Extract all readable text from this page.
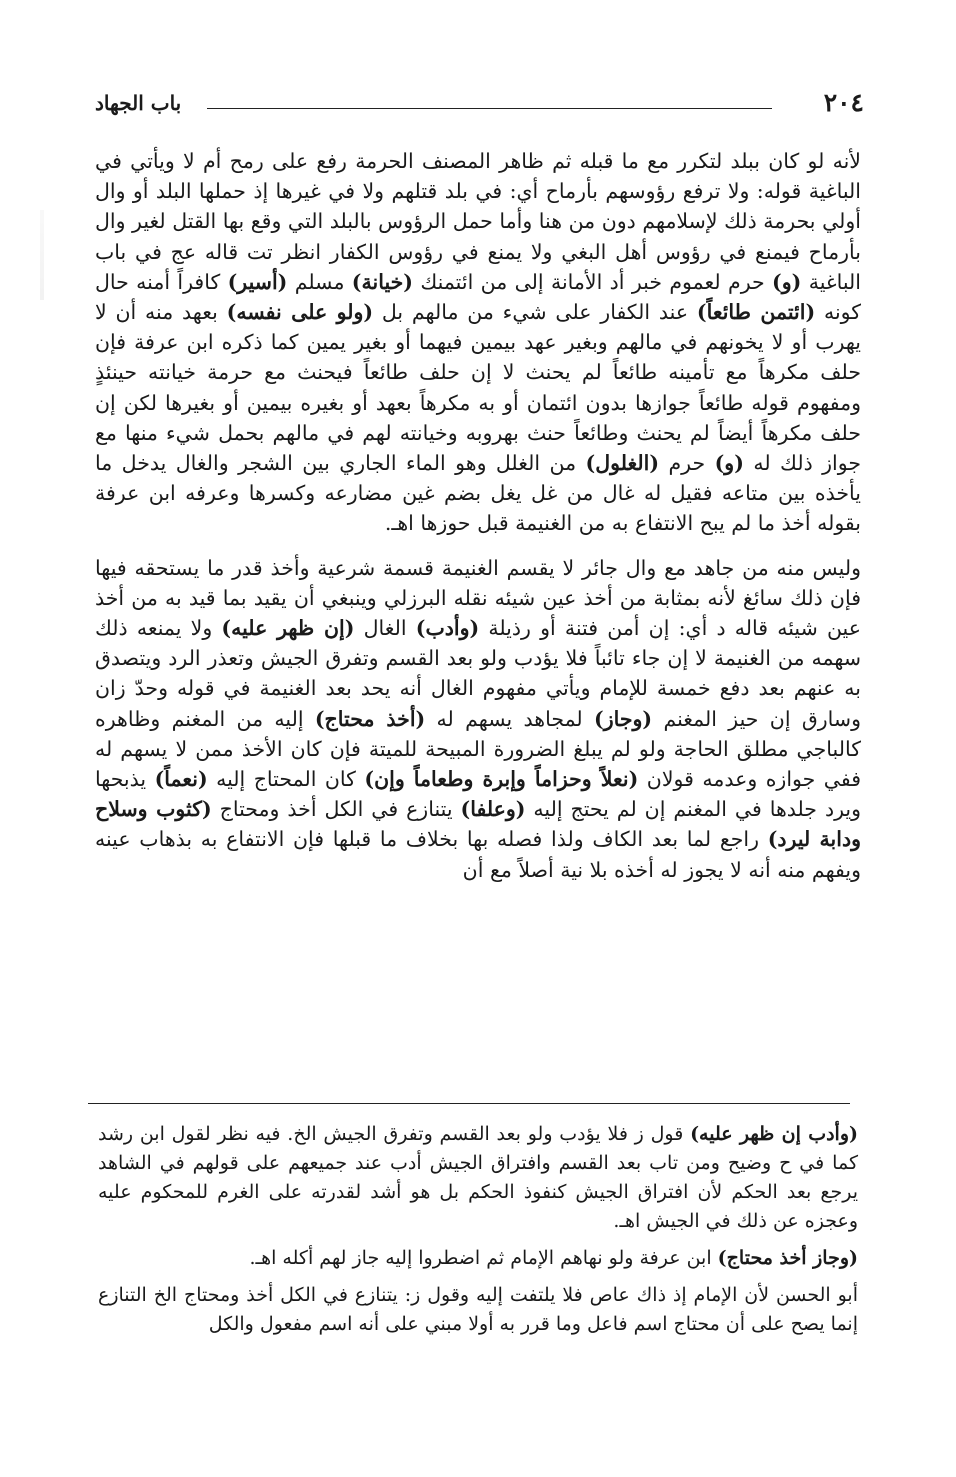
٢٠٤
باب الجهاد

لأنه لو كان ببلد لتكرر مع ما قبله ثم ظاهر المصنف الحرمة رفع على رمح أم لا ويأتي في الباغية قوله: ولا ترفع رؤوسهم بأرماح أي: في بلد قتلهم ولا في غيرها إذ حملها البلد أو وال أولي بحرمة ذلك لإسلامهم دون من هنا وأما حمل الرؤوس بالبلد التي وقع بها القتل لغير وال بأرماح فيمنع في رؤوس أهل البغي ولا يمنع في رؤوس الكفار انظر تت قاله عج في باب الباغية (و) حرم لعموم خبر أد الأمانة إلى من ائتمنك (خيانة) مسلم (أسير) كافراً أمنه حال كونه (ائتمن طائعاً) عند الكفار على شيء من مالهم بل (ولو على نفسه) بعهد منه أن لا يهرب أو لا يخونهم في مالهم وبغير عهد بيمين فيهما أو بغير يمين كما ذكره ابن عرفة فإن حلف مكرهاً مع تأمينه طائعاً لم يحنث لا إن حلف طائعاً فيحنث مع حرمة خيانته حينئذٍ ومفهوم قوله طائعاً جوازها بدون ائتمان أو به مكرهاً بعهد أو بغيره بيمين أو بغيرها لكن إن حلف مكرهاً أيضاً لم يحنث وطائعاً حنث بهروبه وخيانته لهم في مالهم بحمل شيء منها مع جواز ذلك له (و) حرم (الغلول) من الغلل وهو الماء الجاري بين الشجر والغال يدخل ما يأخذه بين متاعه فقيل له غال من غل يغل بضم غين مضارعه وكسرها وعرفه ابن عرفة بقوله أخذ ما لم يبح الانتفاع به من الغنيمة قبل حوزها اهـ.

وليس منه من جاهد مع وال جائر لا يقسم الغنيمة قسمة شرعية وأخذ قدر ما يستحقه فيها فإن ذلك سائغ لأنه بمثابة من أخذ عين شيئه نقله البرزلي وينبغي أن يقيد بما قيد به من أخذ عين شيئه قاله د أي: إن أمن فتنة أو رذيلة (وأدب) الغال (إن ظهر عليه) ولا يمنعه ذلك سهمه من الغنيمة لا إن جاء تائباً فلا يؤدب ولو بعد القسم وتفرق الجيش وتعذر الرد ويتصدق به عنهم بعد دفع خمسة للإمام ويأتي مفهوم الغال أنه يحد بعد الغنيمة في قوله وحدّ زان وسارق إن حيز المغنم (وجاز) لمجاهد يسهم له (أخذ محتاج) إليه من المغنم وظاهره كالباجي مطلق الحاجة ولو لم يبلغ الضرورة المبيحة للميتة فإن كان الأخذ ممن لا يسهم له ففي جوازه وعدمه قولان (نعلاً وحزاماً وإبرة وطعاماً وإن) كان المحتاج إليه (نعماً) يذبحها ويرد جلدها في المغنم إن لم يحتج إليه (وعلفا) يتنازع في الكل أخذ ومحتاج (كثوب وسلاح ودابة ليرد) راجع لما بعد الكاف ولذا فصله بها بخلاف ما قبلها فإن الانتفاع به بذهاب عينه ويفهم منه أنه لا يجوز له أخذه بلا نية أصلاً مع أن

(وأدب إن ظهر عليه) قول ز فلا يؤدب ولو بعد القسم وتفرق الجيش الخ. فيه نظر لقول ابن رشد كما في ح وضيح ومن تاب بعد القسم وافتراق الجيش أدب عند جميعهم على قولهم في الشاهد يرجع بعد الحكم لأن افتراق الجيش كنفوذ الحكم بل هو أشد لقدرته على الغرم للمحكوم عليه وعجزه عن ذلك في الجيش اهـ.

(وجاز أخذ محتاج) ابن عرفة ولو نهاهم الإمام ثم اضطروا إليه جاز لهم أكله اهـ.

أبو الحسن لأن الإمام إذ ذاك عاص فلا يلتفت إليه وقول ز: يتنازع في الكل أخذ ومحتاج الخ التنازع إنما يصح على أن محتاج اسم فاعل وما قرر به أولا مبني على أنه اسم مفعول والكل
